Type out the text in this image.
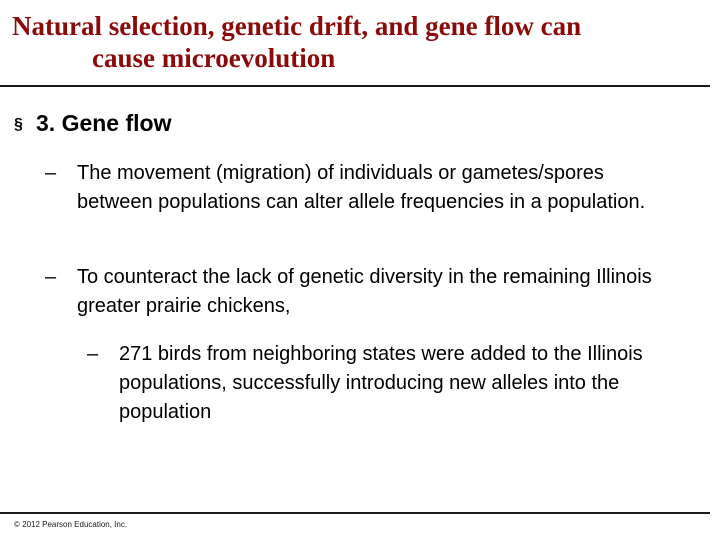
Natural selection, genetic drift, and gene flow can
cause microevolution
§ 3. Gene flow
– The movement (migration) of individuals or gametes/spores between populations can alter allele frequencies in a population.
– To counteract the lack of genetic diversity in the remaining Illinois greater prairie chickens,
– 271 birds from neighboring states were added to the Illinois populations, successfully introducing new alleles into the population
© 2012 Pearson Education, Inc.
